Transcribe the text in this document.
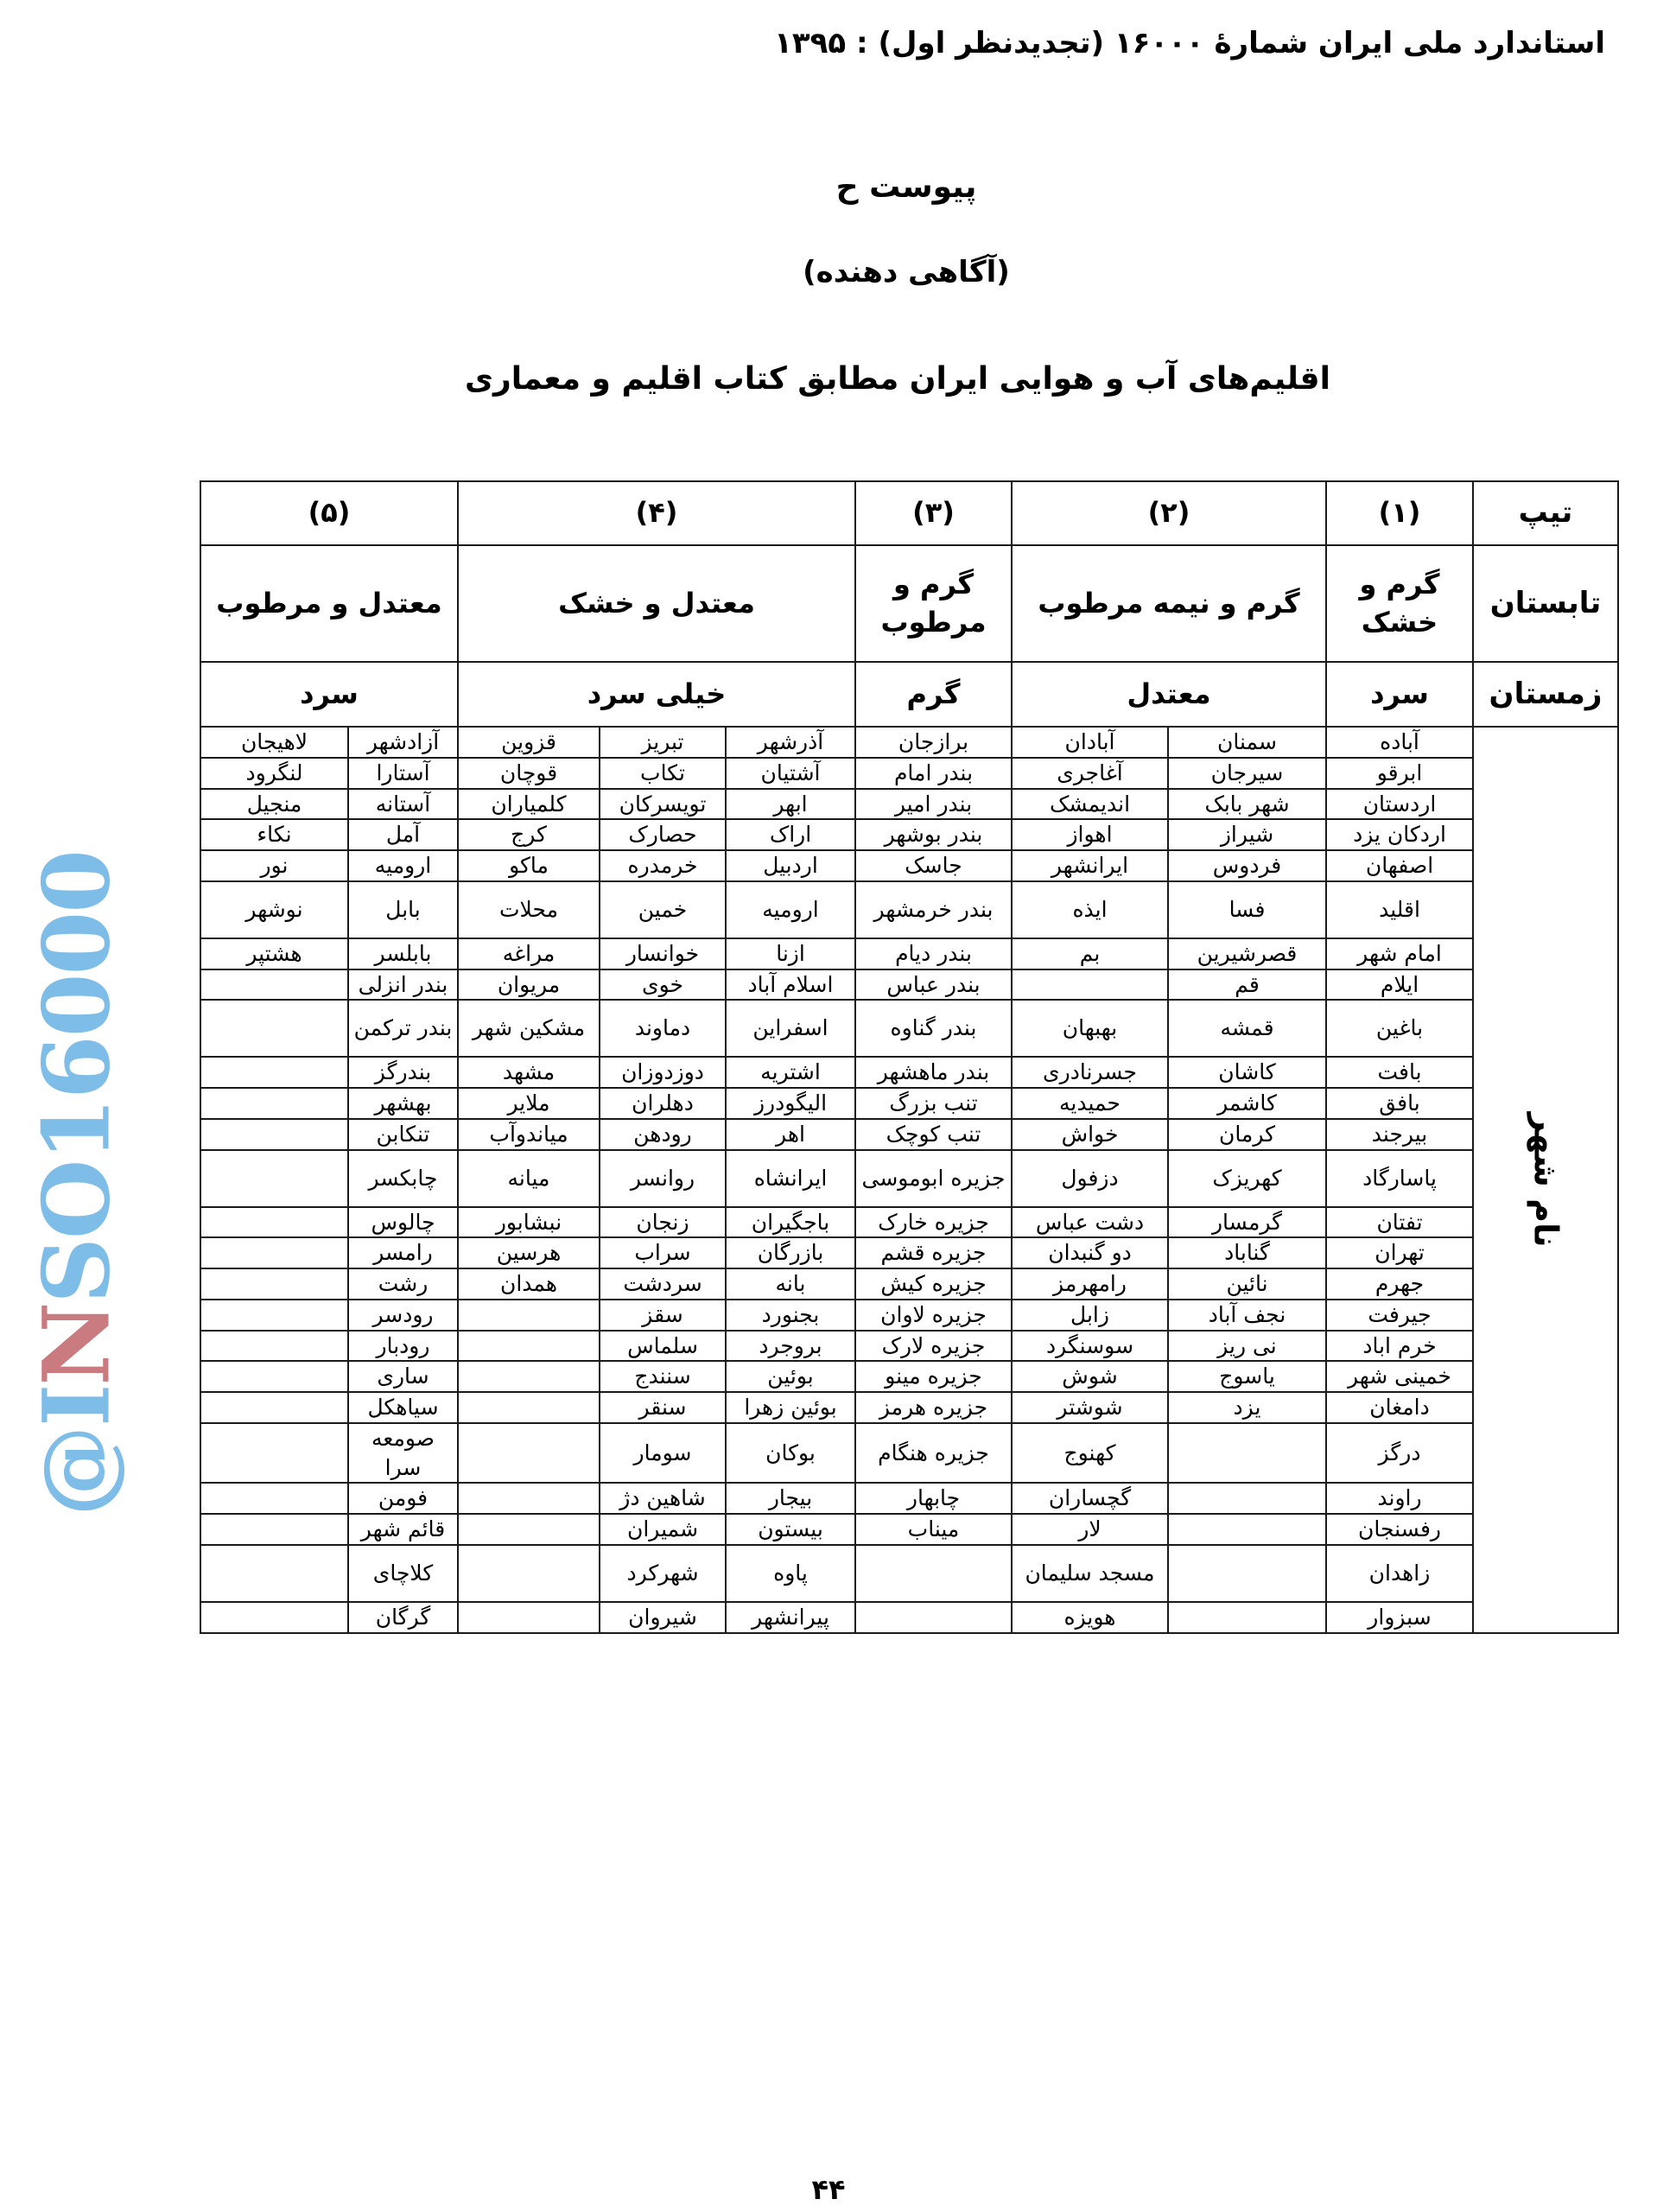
استاندارد ملی ایران شمارهٔ ۱۶۰۰۰ (تجدیدنظر اول) : ۱۳۹۵
پیوست ح
(آگاهی دهنده)
اقلیم‌های آب و هوایی ایران مطابق کتاب اقلیم و معماری
@INSO16000
تیپ	(۱)	(۲)		(۳)	(۴)			(۵)	
تابستان	گرم و خشک	گرم و نیمه مرطوب		گرم و مرطوب	معتدل و خشک			معتدل و مرطوب	
زمستان	سرد	معتدل		گرم	خیلی سرد			سرد	
نام شهر	آباده	سمنان	آبادان	برازجان	آذرشهر	تبریز	قزوین	آزادشهر	لاهیجان
	ابرقو	سیرجان	آغاجری	بندر امام	آشتیان	تکاب	قوچان	آستارا	لنگرود
	اردستان	شهر بابک	اندیمشک	بندر امیر	ابهر	تویسرکان	کلمیاران	آستانه	منجیل
	اردکان یزد	شیراز	اهواز	بندر بوشهر	اراک	حصارک	کرج	آمل	نکاء
	اصفهان	فردوس	ایرانشهر	جاسک	اردبیل	خرمدره	ماکو	ارومیه	نور
	اقلید	فسا	ایذه	بندر خرمشهر	ارومیه	خمین	محلات	بابل	نوشهر
	امام شهر	قصرشیرین	بم	بندر دیام	ازنا	خوانسار	مراغه	بابلسر	هشتپر
	ایلام	قم		بندر عباس	اسلام آباد	خوی	مریوان	بندر انزلی	
	باغین	قمشه	بهبهان	بندر گناوه	اسفراین	دماوند	مشکین شهر	بندر ترکمن	
	بافت	کاشان	جسرنادری	بندر ماهشهر	اشتریه	دوزدوزان	مشهد	بندرگز	
	بافق	کاشمر	حمیدیه	تنب بزرگ	الیگودرز	دهلران	ملایر	بهشهر	
	بیرجند	کرمان	خواش	تنب کوچک	اهر	رودهن	میاندوآب	تنکابن	
	پاسارگاد	کهریزک	دزفول	جزیره ابوموسی	ایرانشاه	روانسر	میانه	چابکسر	
	تفتان	گرمسار	دشت عباس	جزیره خارک	باجگیران	زنجان	نبشابور	چالوس	
	تهران	گناباد	دو گنبدان	جزیره قشم	بازرگان	سراب	هرسین	رامسر	
	جهرم	نائین	رامهرمز	جزیره کیش	بانه	سردشت	همدان	رشت	
	جیرفت	نجف آباد	زابل	جزیره لاوان	بجنورد	سقز		رودسر	
	خرم اباد	نی ریز	سوسنگرد	جزیره لارک	بروجرد	سلماس		رودبار	
	خمینی شهر	یاسوج	شوش	جزیره مینو	بوئین	سنندج		ساری	
	دامغان	یزد	شوشتر	جزیره هرمز	بوئین زهرا	سنقر		سیاهکل	
	درگز		کهنوج	جزیره هنگام	بوکان	سومار		صومعه سرا	
	راوند		گچساران	چابهار	بیجار	شاهین دژ		فومن	
	رفسنجان		لار	میناب	بیستون	شمیران		قائم شهر	
	زاهدان		مسجد سلیمان		پاوه	شهرکرد		کلاچای	
	سبزوار		هویزه		پیرانشهر	شیروان		گرگان	
۴۴
